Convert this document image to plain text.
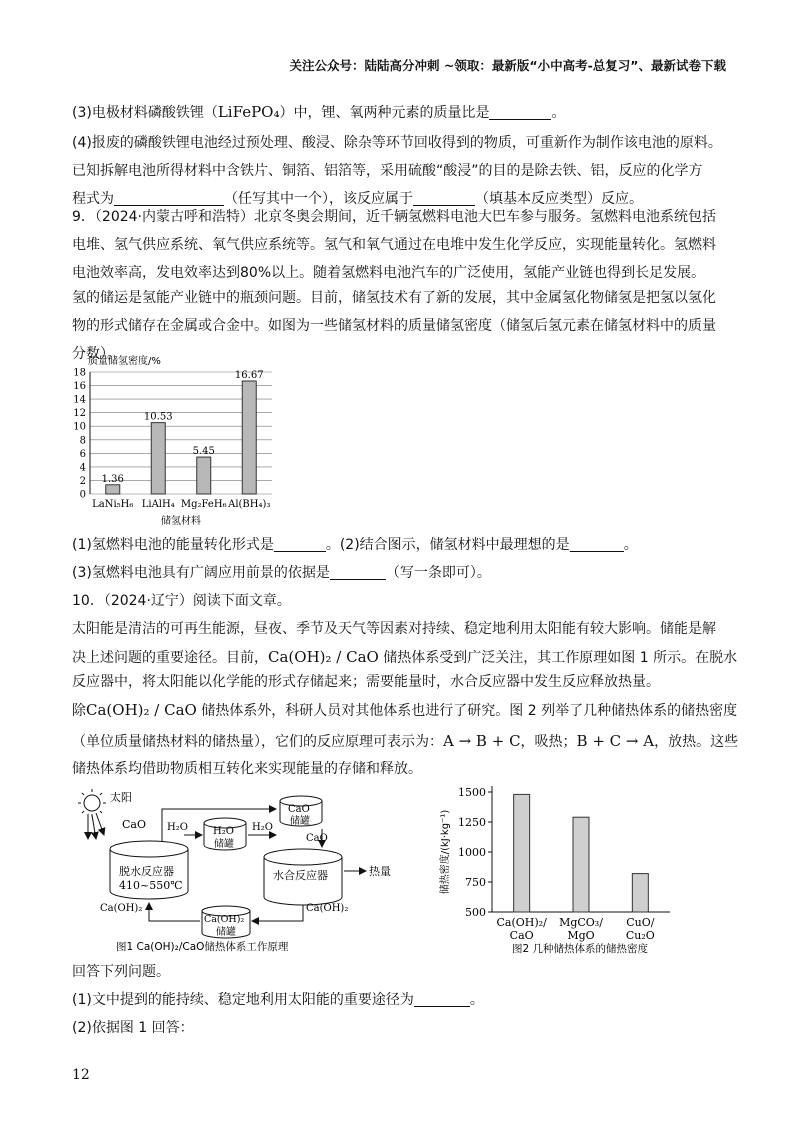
关注公众号：陆陆高分冲刺 ~领取：最新版“小中高考-总复习”、最新试卷下载
(3)电极材料磷酸铁锂（LiFePO₄）中，锂、氧两种元素的质量比是	。
(4)报废的磷酸铁锂电池经过预处理、酸浸、除杂等环节回收得到的物质，可重新作为制作该电池的原料。
已知拆解电池所得材料中含铁片、铜箔、铝箔等，采用硫酸“酸浸”的目的是除去铁、铝，反应的化学方
程式为	（任写其中一个），该反应属于	（填基本反应类型）反应。
9．（2024·内蒙古呼和浩特）北京冬奥会期间，近千辆氢燃料电池大巴车参与服务。氢燃料电池系统包括
电堆、氢气供应系统、氧气供应系统等。氢气和氧气通过在电堆中发生化学反应，实现能量转化。氢燃料
电池效率高，发电效率达到80%以上。随着氢燃料电池汽车的广泛使用，氢能产业链也得到长足发展。
氢的储运是氢能产业链中的瓶颈问题。目前，储氢技术有了新的发展，其中金属氢化物储氢是把氢以氢化
物的形式储存在金属或合金中。如图为一些储氢材料的质量储氢密度（储氢后氢元素在储氢材料中的质量
分数）。
质量储氢密度/%
0
2
4
6
8
10
12
14
16
18
1.36
LaNi₅H₆
10.53
LiAlH₄
5.45
Mg₂FeH₆
16.67
Al(BH₄)₃
储氢材料
(1)氢燃料电池的能量转化形式是	。(2)结合图示，储氢材料中最理想的是	。
(3)氢燃料电池具有广阔应用前景的依据是	（写一条即可）。
10．（2024·辽宁）阅读下面文章。
太阳能是清洁的可再生能源，昼夜、季节及天气等因素对持续、稳定地利用太阳能有较大影响。储能是解
决上述问题的重要途径。目前，Ca(OH)₂ / CaO 储热体系受到广泛关注，其工作原理如图 1 所示。在脱水
反应器中，将太阳能以化学能的形式存储起来；需要能量时，水合反应器中发生反应释放热量。
除Ca(OH)₂ / CaO 储热体系外，科研人员对其他体系也进行了研究。图 2 列举了几种储热体系的储热密度
（单位质量储热材料的储热量），它们的反应原理可表示为：A → B + C，吸热；B + C → A，放热。这些
储热体系均借助物质相互转化来实现能量的存储和释放。
太阳
CaO
脱水反应器
410~550℃
H₂O
储罐
CaO
储罐
水合反应器
Ca(OH)₂
储罐
H₂O	H₂O
CaO
热量
Ca(OH)₂	Ca(OH)₂
图1 Ca(OH)₂/CaO储热体系工作原理
储热密度/(kJ·kg⁻¹)
500
750
1000
1250
1500
Ca(OH)₂/
CaO
MgCO₃/
MgO
CuO/
Cu₂O
图2 几种储热体系的储热密度
回答下列问题。
(1)文中提到的能持续、稳定地利用太阳能的重要途径为	。
(2)依据图 1 回答：
12
